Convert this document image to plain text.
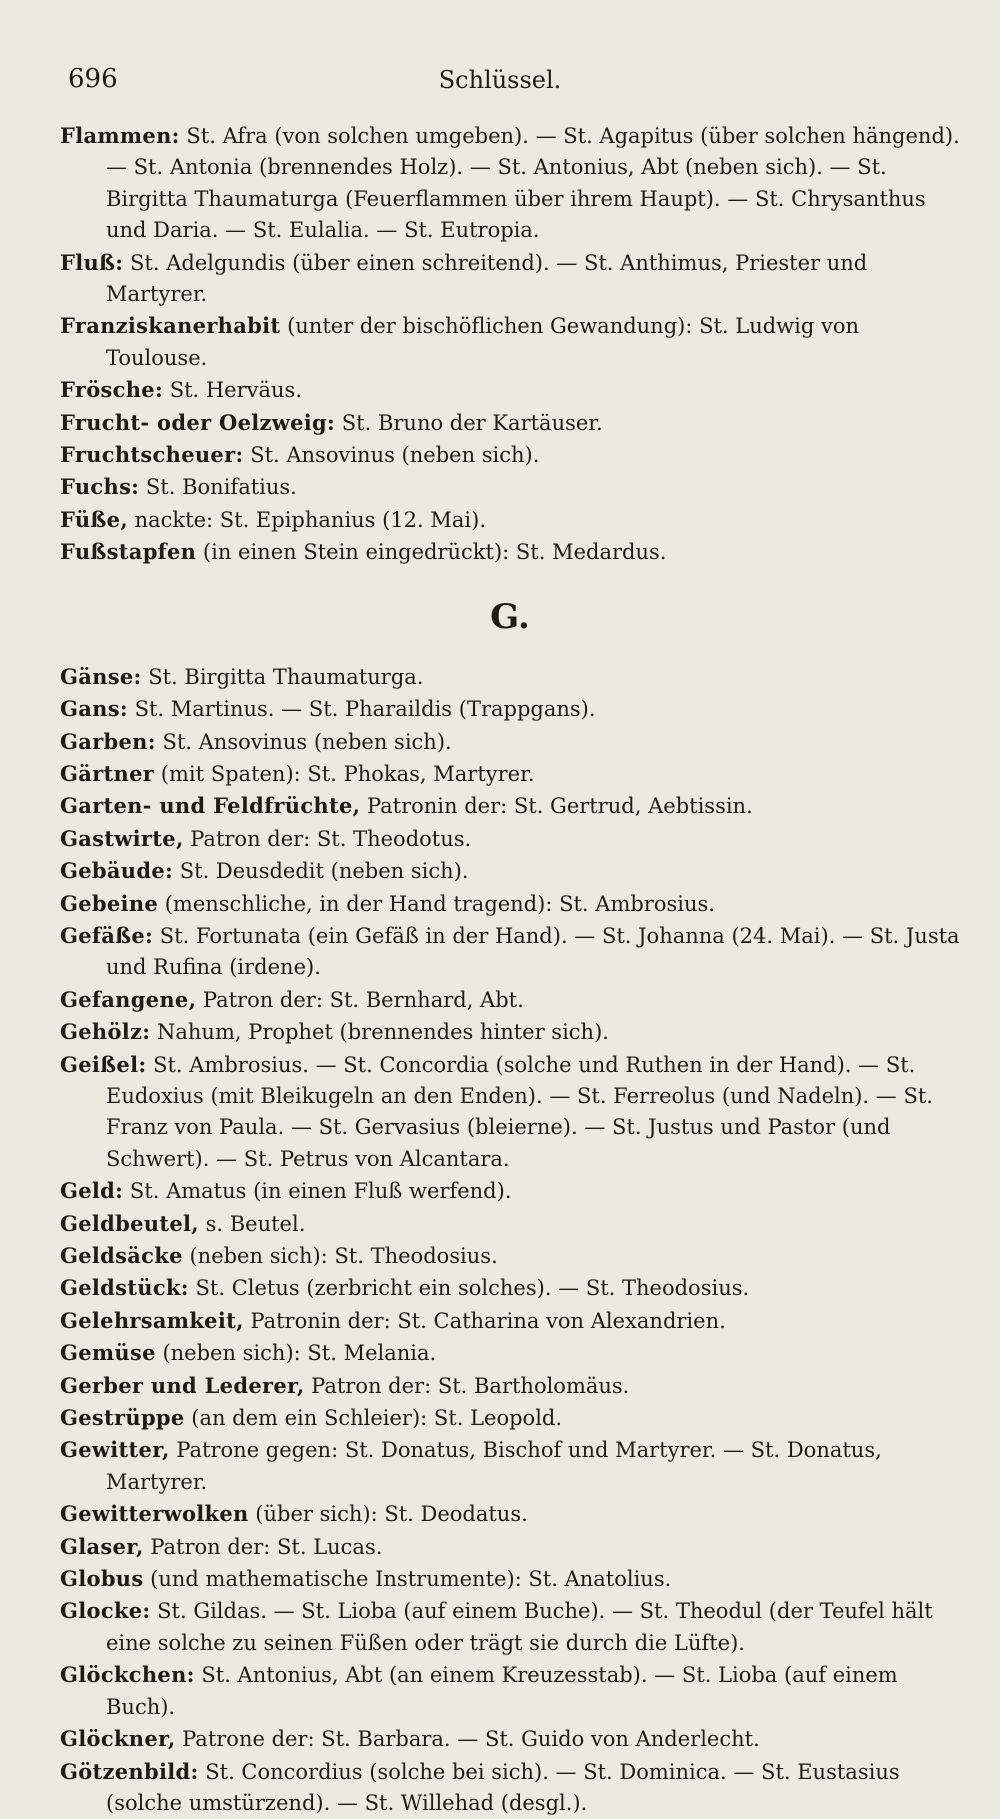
696	Schlüssel.

Flammen: St. Afra (von solchen umgeben). — St. Agapitus (über solchen hängend). — St. Antonia (brennendes Holz). — St. Antonius, Abt (neben sich). — St. Birgitta Thaumaturga (Feuerflammen über ihrem Haupt). — St. Chrysanthus und Daria. — St. Eulalia. — St. Eutropia.

Fluß: St. Adelgundis (über einen schreitend). — St. Anthimus, Priester und Martyrer.

Franziskanerhabit (unter der bischöflichen Gewandung): St. Ludwig von Toulouse.

Frösche: St. Herväus.

Frucht- oder Oelzweig: St. Bruno der Kartäuser.

Fruchtscheuer: St. Ansovinus (neben sich).

Fuchs: St. Bonifatius.

Füße, nackte: St. Epiphanius (12. Mai).

Fußstapfen (in einen Stein eingedrückt): St. Medardus.

G.

Gänse: St. Birgitta Thaumaturga.

Gans: St. Martinus. — St. Pharaildis (Trappgans).

Garben: St. Ansovinus (neben sich).

Gärtner (mit Spaten): St. Phokas, Martyrer.

Garten- und Feldfrüchte, Patronin der: St. Gertrud, Aebtissin.

Gastwirte, Patron der: St. Theodotus.

Gebäude: St. Deusdedit (neben sich).

Gebeine (menschliche, in der Hand tragend): St. Ambrosius.

Gefäße: St. Fortunata (ein Gefäß in der Hand). — St. Johanna (24. Mai). — St. Justa und Rufina (irdene).

Gefangene, Patron der: St. Bernhard, Abt.

Gehölz: Nahum, Prophet (brennendes hinter sich).

Geißel: St. Ambrosius. — St. Concordia (solche und Ruthen in der Hand). — St. Eudoxius (mit Bleikugeln an den Enden). — St. Ferreolus (und Nadeln). — St. Franz von Paula. — St. Gervasius (bleierne). — St. Justus und Pastor (und Schwert). — St. Petrus von Alcantara.

Geld: St. Amatus (in einen Fluß werfend).

Geldbeutel, s. Beutel.

Geldsäcke (neben sich): St. Theodosius.

Geldstück: St. Cletus (zerbricht ein solches). — St. Theodosius.

Gelehrsamkeit, Patronin der: St. Catharina von Alexandrien.

Gemüse (neben sich): St. Melania.

Gerber und Lederer, Patron der: St. Bartholomäus.

Gestrüppe (an dem ein Schleier): St. Leopold.

Gewitter, Patrone gegen: St. Donatus, Bischof und Martyrer. — St. Donatus, Martyrer.

Gewitterwolken (über sich): St. Deodatus.

Glaser, Patron der: St. Lucas.

Globus (und mathematische Instrumente): St. Anatolius.

Glocke: St. Gildas. — St. Lioba (auf einem Buche). — St. Theodul (der Teufel hält eine solche zu seinen Füßen oder trägt sie durch die Lüfte).

Glöckchen: St. Antonius, Abt (an einem Kreuzesstab). — St. Lioba (auf einem Buch).

Glöckner, Patrone der: St. Barbara. — St. Guido von Anderlecht.

Götzenbild: St. Concordius (solche bei sich). — St. Dominica. — St. Eustasius (solche umstürzend). — St. Willehad (desgl.).
